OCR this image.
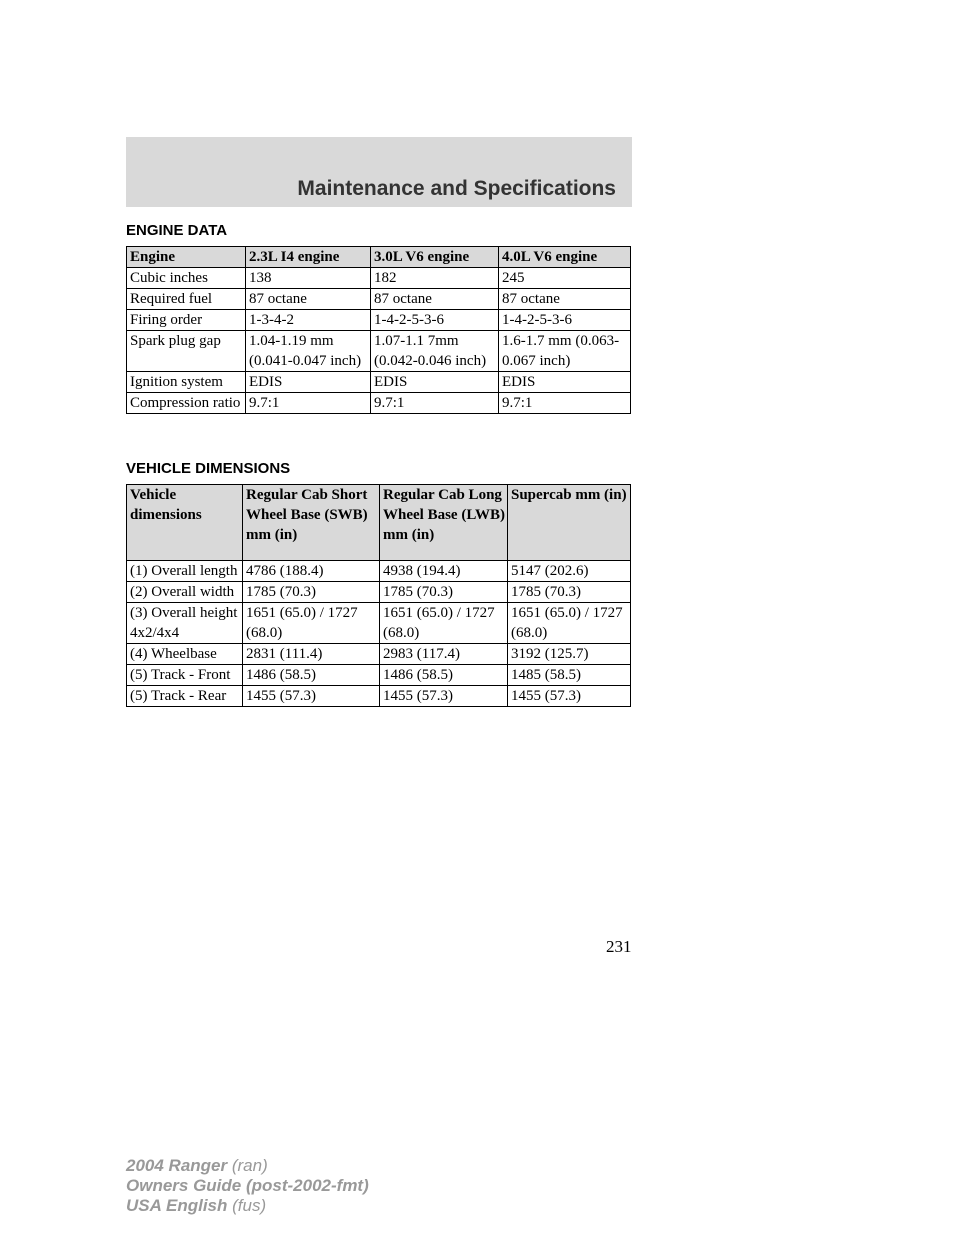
Maintenance and Specifications
ENGINE DATA
Engine	2.3L I4 engine	3.0L V6 engine	4.0L V6 engine
Cubic inches	138	182	245
Required fuel	87 octane	87 octane	87 octane
Firing order	1-3-4-2	1-4-2-5-3-6	1-4-2-5-3-6
Spark plug gap	1.04-1.19 mm (0.041-0.047 inch)	1.07-1.1 7mm (0.042-0.046 inch)	1.6-1.7 mm (0.063-0.067 inch)
Ignition system	EDIS	EDIS	EDIS
Compression ratio	9.7:1	9.7:1	9.7:1
VEHICLE DIMENSIONS
Vehicle dimensions	Regular Cab Short Wheel Base (SWB) mm (in)	Regular Cab Long Wheel Base (LWB) mm (in)	Supercab mm (in)
(1) Overall length	4786 (188.4)	4938 (194.4)	5147 (202.6)
(2) Overall width	1785 (70.3)	1785 (70.3)	1785 (70.3)
(3) Overall height 4x2/4x4	1651 (65.0) / 1727 (68.0)	1651 (65.0) / 1727 (68.0)	1651 (65.0) / 1727 (68.0)
(4) Wheelbase	2831 (111.4)	2983 (117.4)	3192 (125.7)
(5) Track - Front	1486 (58.5)	1486 (58.5)	1485 (58.5)
(5) Track - Rear	1455 (57.3)	1455 (57.3)	1455 (57.3)
231
2004 Ranger (ran)
Owners Guide (post-2002-fmt)
USA English (fus)
